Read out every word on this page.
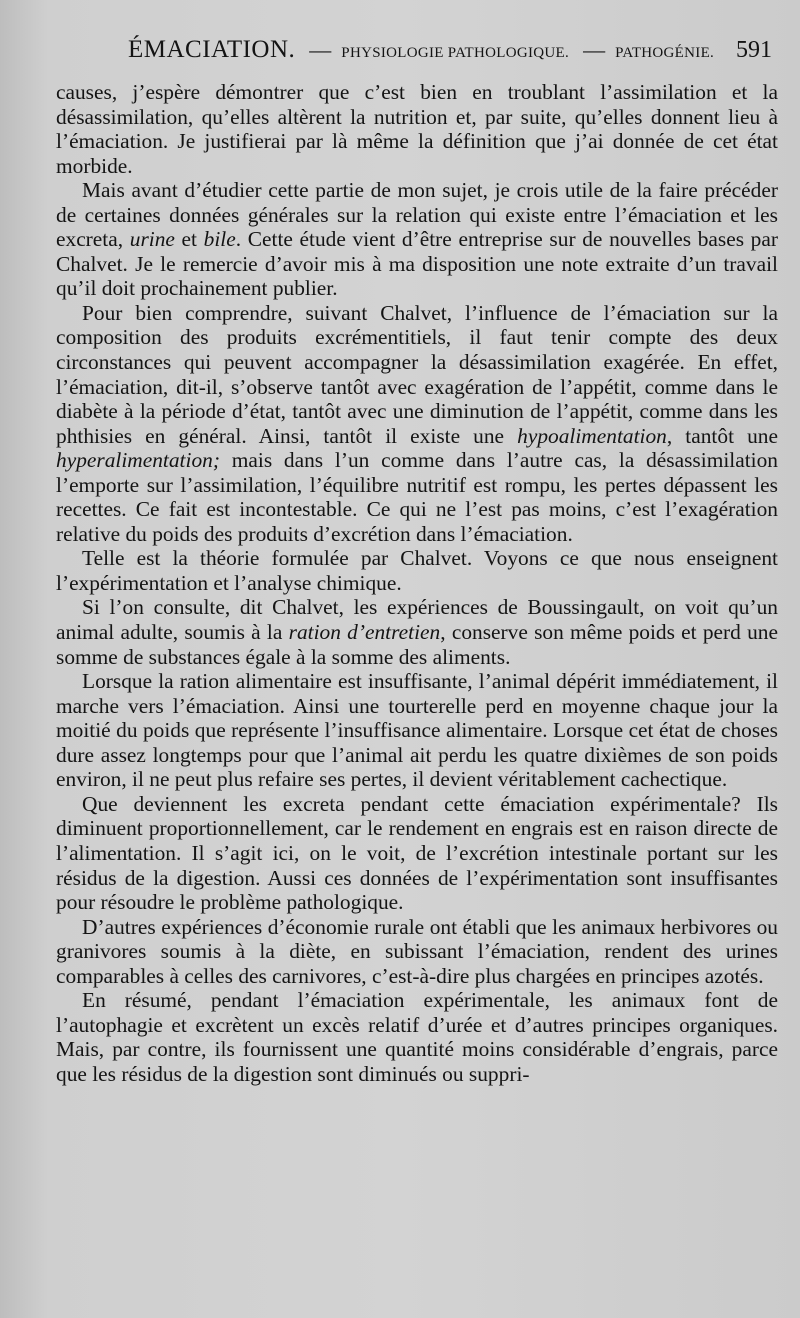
ÉMACIATION. — PHYSIOLOGIE PATHOLOGIQUE. — PATHOGÉNIE. 591

causes, j’espère démontrer que c’est bien en troublant l’assimilation et la désassimilation, qu’elles altèrent la nutrition et, par suite, qu’elles donnent lieu à l’émaciation. Je justifierai par là même la définition que j’ai donnée de cet état morbide.

Mais avant d’étudier cette partie de mon sujet, je crois utile de la faire précéder de certaines données générales sur la relation qui existe entre l’émaciation et les excreta, urine et bile. Cette étude vient d’être entreprise sur de nouvelles bases par Chalvet. Je le remercie d’avoir mis à ma disposition une note extraite d’un travail qu’il doit prochainement publier.

Pour bien comprendre, suivant Chalvet, l’influence de l’émaciation sur la composition des produits excrémentitiels, il faut tenir compte des deux circonstances qui peuvent accompagner la désassimilation exagérée. En effet, l’émaciation, dit-il, s’observe tantôt avec exagération de l’appétit, comme dans le diabète à la période d’état, tantôt avec une diminution de l’appétit, comme dans les phthisies en général. Ainsi, tantôt il existe une hypoalimentation, tantôt une hyperalimentation; mais dans l’un comme dans l’autre cas, la désassimilation l’emporte sur l’assimilation, l’équilibre nutritif est rompu, les pertes dépassent les recettes. Ce fait est incontestable. Ce qui ne l’est pas moins, c’est l’exagération relative du poids des produits d’excrétion dans l’émaciation.

Telle est la théorie formulée par Chalvet. Voyons ce que nous enseignent l’expérimentation et l’analyse chimique.

Si l’on consulte, dit Chalvet, les expériences de Boussingault, on voit qu’un animal adulte, soumis à la ration d’entretien, conserve son même poids et perd une somme de substances égale à la somme des aliments.

Lorsque la ration alimentaire est insuffisante, l’animal dépérit immédiatement, il marche vers l’émaciation. Ainsi une tourterelle perd en moyenne chaque jour la moitié du poids que représente l’insuffisance alimentaire. Lorsque cet état de choses dure assez longtemps pour que l’animal ait perdu les quatre dixièmes de son poids environ, il ne peut plus refaire ses pertes, il devient véritablement cachectique.

Que deviennent les excreta pendant cette émaciation expérimentale? Ils diminuent proportionnellement, car le rendement en engrais est en raison directe de l’alimentation. Il s’agit ici, on le voit, de l’excrétion intestinale portant sur les résidus de la digestion. Aussi ces données de l’expérimentation sont insuffisantes pour résoudre le problème pathologique.

D’autres expériences d’économie rurale ont établi que les animaux herbivores ou granivores soumis à la diète, en subissant l’émaciation, rendent des urines comparables à celles des carnivores, c’est-à-dire plus chargées en principes azotés.

En résumé, pendant l’émaciation expérimentale, les animaux font de l’autophagie et excrètent un excès relatif d’urée et d’autres principes organiques. Mais, par contre, ils fournissent une quantité moins considérable d’engrais, parce que les résidus de la digestion sont diminués ou suppri-
